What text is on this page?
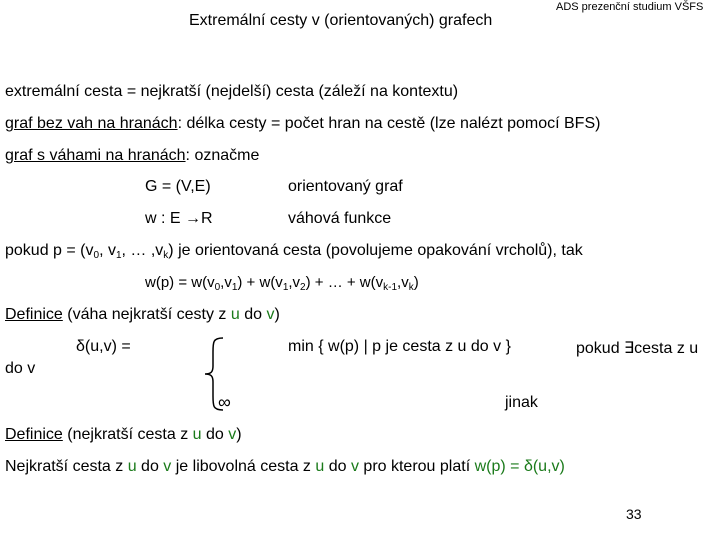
Extremální cesty v (orientovaných) grafech
ADS prezenční studium VŠFS
extremální cesta = nejkratší (nejdelší) cesta (záleží na kontextu)
graf bez vah na hranách: délka cesty = počet hran na cestě (lze nalézt pomocí BFS)
graf s váhami na hranách: označme
G = (V,E)	orientovaný graf
w : E →R	váhová funkce
pokud $p = (v_0$, $v_1$, … $,v_k$) je orientovaná cesta (povolujeme opakování vrcholů), tak
$w(p) = w(v_0,v_1) + w(v_1,v_2)$ + … + $w(v_{k-1},v_k)$
Definice (váha nejkratší cesty z u do v)
δ(u,v) =
do v
min { w(p) | p je cesta z u do v }	pokud ∃cesta z u
∞	jinak
Definice (nejkratší cesta z u do v)
Nejkratší cesta z u do v je libovolná cesta z u do v pro kterou platí w(p) = δ(u,v)
33
